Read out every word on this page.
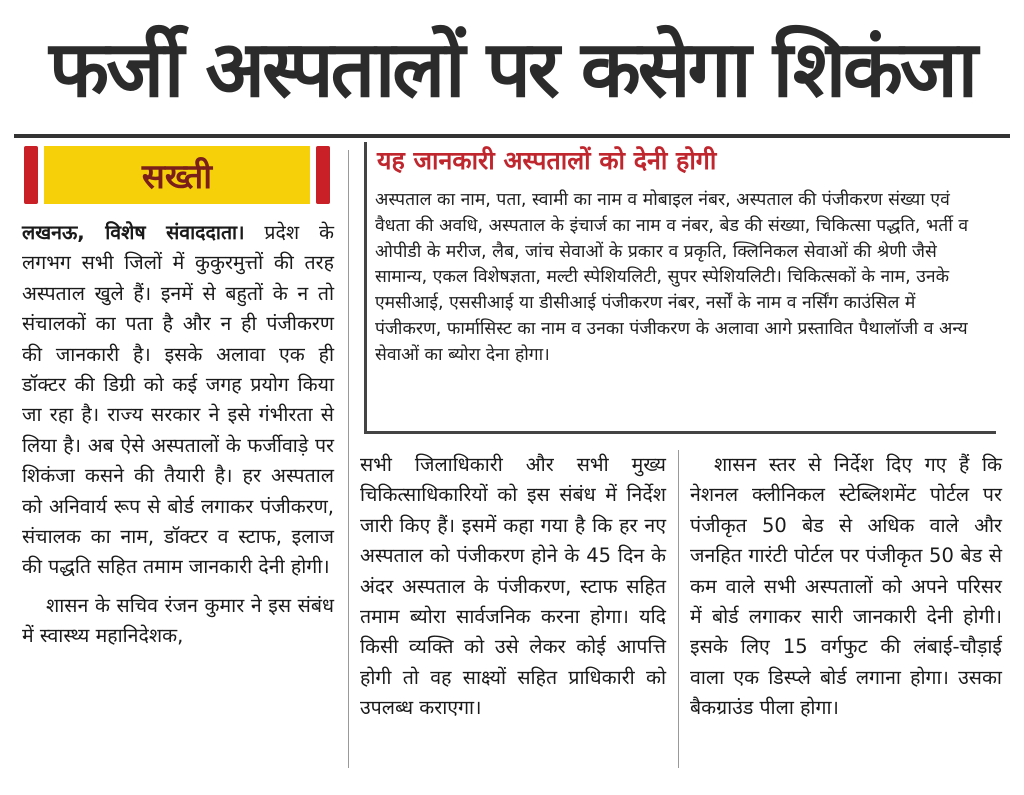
फर्जी अस्पतालों पर कसेगा शिकंजा
सख्ती	यह जानकारी अस्पतालों को देनी होगी

अस्पताल का नाम, पता, स्वामी का नाम व मोबाइल नंबर, अस्पताल की पंजीकरण संख्या एवं वैधता की अवधि, अस्पताल के इंचार्ज का नाम व नंबर, बेड की संख्या, चिकित्सा पद्धति, भर्ती व ओपीडी के मरीज, लैब, जांच सेवाओं के प्रकार व प्रकृति, क्लिनिकल सेवाओं की श्रेणी जैसे सामान्य, एकल विशेषज्ञता, मल्टी स्पेशियलिटी, सुपर स्पेशियलिटी। चिकित्सकों के नाम, उनके एमसीआई, एससीआई या डीसीआई पंजीकरण नंबर, नर्सों के नाम व नर्सिंग काउंसिल में पंजीकरण, फार्मासिस्ट का नाम व उनका पंजीकरण के अलावा आगे प्रस्तावित पैथालॉजी व अन्य सेवाओं का ब्योरा देना होगा।

लखनऊ, विशेष संवाददाता। प्रदेश के लगभग सभी जिलों में कुकुरमुत्तों की तरह अस्पताल खुले हैं। इनमें से बहुतों के न तो संचालकों का पता है और न ही पंजीकरण की जानकारी है। इसके अलावा एक ही डॉक्टर की डिग्री को कई जगह प्रयोग किया जा रहा है। राज्य सरकार ने इसे गंभीरता से लिया है। अब ऐसे अस्पतालों के फर्जीवाड़े पर शिकंजा कसने की तैयारी है। हर अस्पताल को अनिवार्य रूप से बोर्ड लगाकर पंजीकरण, संचालक का नाम, डॉक्टर व स्टाफ, इलाज की पद्धति सहित तमाम जानकारी देनी होगी।

शासन के सचिव रंजन कुमार ने इस संबंध में स्वास्थ्य महानिदेशक,

सभी जिलाधिकारी और सभी मुख्य चिकित्साधिकारियों को इस संबंध में निर्देश जारी किए हैं। इसमें कहा गया है कि हर नए अस्पताल को पंजीकरण होने के 45 दिन के अंदर अस्पताल के पंजीकरण, स्टाफ सहित तमाम ब्योरा सार्वजनिक करना होगा। यदि किसी व्यक्ति को उसे लेकर कोई आपत्ति होगी तो वह साक्ष्यों सहित प्राधिकारी को उपलब्ध कराएगा।

शासन स्तर से निर्देश दिए गए हैं कि नेशनल क्लीनिकल स्टेब्लिशमेंट पोर्टल पर पंजीकृत 50 बेड से अधिक वाले और जनहित गारंटी पोर्टल पर पंजीकृत 50 बेड से कम वाले सभी अस्पतालों को अपने परिसर में बोर्ड लगाकर सारी जानकारी देनी होगी। इसके लिए 15 वर्गफुट की लंबाई-चौड़ाई वाला एक डिस्प्ले बोर्ड लगाना होगा। उसका बैकग्राउंड पीला होगा।
